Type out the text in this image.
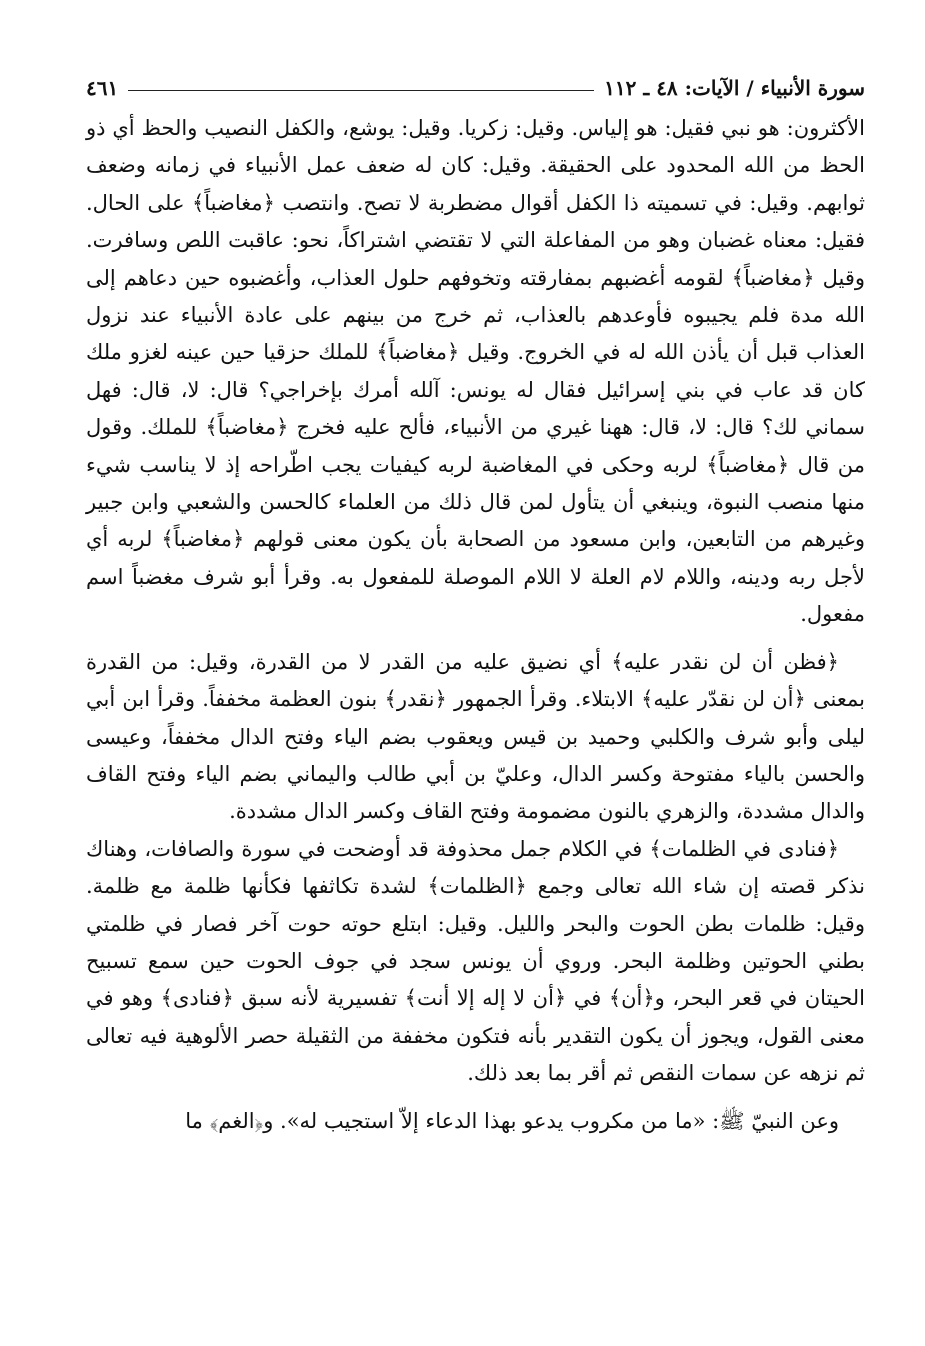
سورة الأنبياء / الآيات: ٤٨ ـ ١١٢
٤٦١

الأكثرون: هو نبي فقيل: هو إلياس. وقيل: زكريا. وقيل: يوشع، والكفل النصيب والحظ أي ذو الحظ من الله المحدود على الحقيقة. وقيل: كان له ضعف عمل الأنبياء في زمانه وضعف ثوابهم. وقيل: في تسميته ذا الكفل أقوال مضطربة لا تصح. وانتصب ﴿مغاضباً﴾ على الحال. فقيل: معناه غضبان وهو من المفاعلة التي لا تقتضي اشتراكاً، نحو: عاقبت اللص وسافرت. وقيل ﴿مغاضباً﴾ لقومه أغضبهم بمفارقته وتخوفهم حلول العذاب، وأغضبوه حين دعاهم إلى الله مدة فلم يجيبوه فأوعدهم بالعذاب، ثم خرج من بينهم على عادة الأنبياء عند نزول العذاب قبل أن يأذن الله له في الخروج. وقيل ﴿مغاضباً﴾ للملك حزقيا حين عينه لغزو ملك كان قد عاب في بني إسرائيل فقال له يونس: آلله أمرك بإخراجي؟ قال: لا، قال: فهل سماني لك؟ قال: لا، قال: ههنا غيري من الأنبياء، فألح عليه فخرج ﴿مغاضباً﴾ للملك. وقول من قال ﴿مغاضباً﴾ لربه وحكى في المغاضبة لربه كيفيات يجب اطّراحه إذ لا يناسب شيء منها منصب النبوة، وينبغي أن يتأول لمن قال ذلك من العلماء كالحسن والشعبي وابن جبير وغيرهم من التابعين، وابن مسعود من الصحابة بأن يكون معنى قولهم ﴿مغاضباً﴾ لربه أي لأجل ربه ودينه، واللام لام العلة لا اللام الموصلة للمفعول به. وقرأ أبو شرف مغضباً اسم مفعول.

﴿فظن أن لن نقدر عليه﴾ أي نضيق عليه من القدر لا من القدرة، وقيل: من القدرة بمعنى ﴿أن لن نقدّر عليه﴾ الابتلاء. وقرأ الجمهور ﴿نقدر﴾ بنون العظمة مخففاً. وقرأ ابن أبي ليلى وأبو شرف والكلبي وحميد بن قيس ويعقوب بضم الياء وفتح الدال مخففاً، وعيسى والحسن بالياء مفتوحة وكسر الدال، وعليّ بن أبي طالب واليماني بضم الياء وفتح القاف والدال مشددة، والزهري بالنون مضمومة وفتح القاف وكسر الدال مشددة.

﴿فنادى في الظلمات﴾ في الكلام جمل محذوفة قد أوضحت في سورة والصافات، وهناك نذكر قصته إن شاء الله تعالى وجمع ﴿الظلمات﴾ لشدة تكاثفها فكأنها ظلمة مع ظلمة. وقيل: ظلمات بطن الحوت والبحر والليل. وقيل: ابتلع حوته حوت آخر فصار في ظلمتي بطني الحوتين وظلمة البحر. وروي أن يونس سجد في جوف الحوت حين سمع تسبيح الحيتان في قعر البحر، و﴿أن﴾ في ﴿أن لا إله إلا أنت﴾ تفسيرية لأنه سبق ﴿فنادى﴾ وهو في معنى القول، ويجوز أن يكون التقدير بأنه فتكون مخففة من الثقيلة حصر الألوهية فيه تعالى ثم نزهه عن سمات النقص ثم أقر بما بعد ذلك.

وعن النبيّ ﷺ: «ما من مكروب يدعو بهذا الدعاء إلاّ استجيب له». و﴿الغم﴾ ما
